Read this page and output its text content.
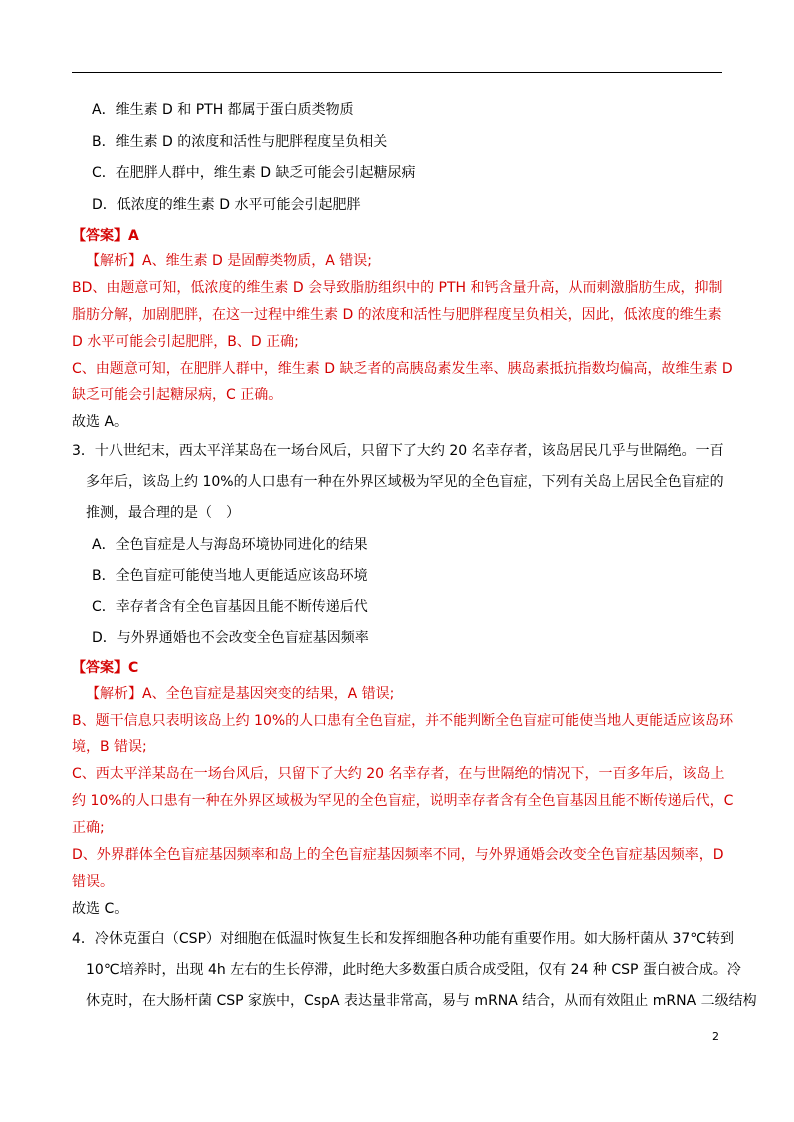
A．维生素 D 和 PTH 都属于蛋白质类物质
B．维生素 D 的浓度和活性与肥胖程度呈负相关
C．在肥胖人群中，维生素 D 缺乏可能会引起糖尿病
D．低浓度的维生素 D 水平可能会引起肥胖
【答案】A
【解析】A、维生素 D 是固醇类物质，A 错误;
BD、由题意可知，低浓度的维生素 D 会导致脂肪组织中的 PTH 和钙含量升高，从而刺激脂肪生成，抑制
脂肪分解，加剧肥胖，在这一过程中维生素 D 的浓度和活性与肥胖程度呈负相关，因此，低浓度的维生素
D 水平可能会引起肥胖，B、D 正确;
C、由题意可知，在肥胖人群中，维生素 D 缺乏者的高胰岛素发生率、胰岛素抵抗指数均偏高，故维生素 D
缺乏可能会引起糖尿病，C 正确。
故选 A。
3．十八世纪末，西太平洋某岛在一场台风后，只留下了大约 20 名幸存者，该岛居民几乎与世隔绝。一百
多年后，该岛上约 10%的人口患有一种在外界区域极为罕见的全色盲症，下列有关岛上居民全色盲症的
推测，最合理的是（　）
A．全色盲症是人与海岛环境协同进化的结果
B．全色盲症可能使当地人更能适应该岛环境
C．幸存者含有全色盲基因且能不断传递后代
D．与外界通婚也不会改变全色盲症基因频率
【答案】C
【解析】A、全色盲症是基因突变的结果，A 错误;
B、题干信息只表明该岛上约 10%的人口患有全色盲症，并不能判断全色盲症可能使当地人更能适应该岛环
境，B 错误;
C、西太平洋某岛在一场台风后，只留下了大约 20 名幸存者，在与世隔绝的情况下，一百多年后，该岛上
约 10%的人口患有一种在外界区域极为罕见的全色盲症，说明幸存者含有全色盲基因且能不断传递后代，C
正确;
D、外界群体全色盲症基因频率和岛上的全色盲症基因频率不同，与外界通婚会改变全色盲症基因频率，D
错误。
故选 C。
4．冷休克蛋白（CSP）对细胞在低温时恢复生长和发挥细胞各种功能有重要作用。如大肠杆菌从 37℃转到
10℃培养时，出现 4h 左右的生长停滞，此时绝大多数蛋白质合成受阻，仅有 24 种 CSP 蛋白被合成。冷
休克时，在大肠杆菌 CSP 家族中，CspA 表达量非常高，易与 mRNA 结合，从而有效阻止 mRNA 二级结构
2
